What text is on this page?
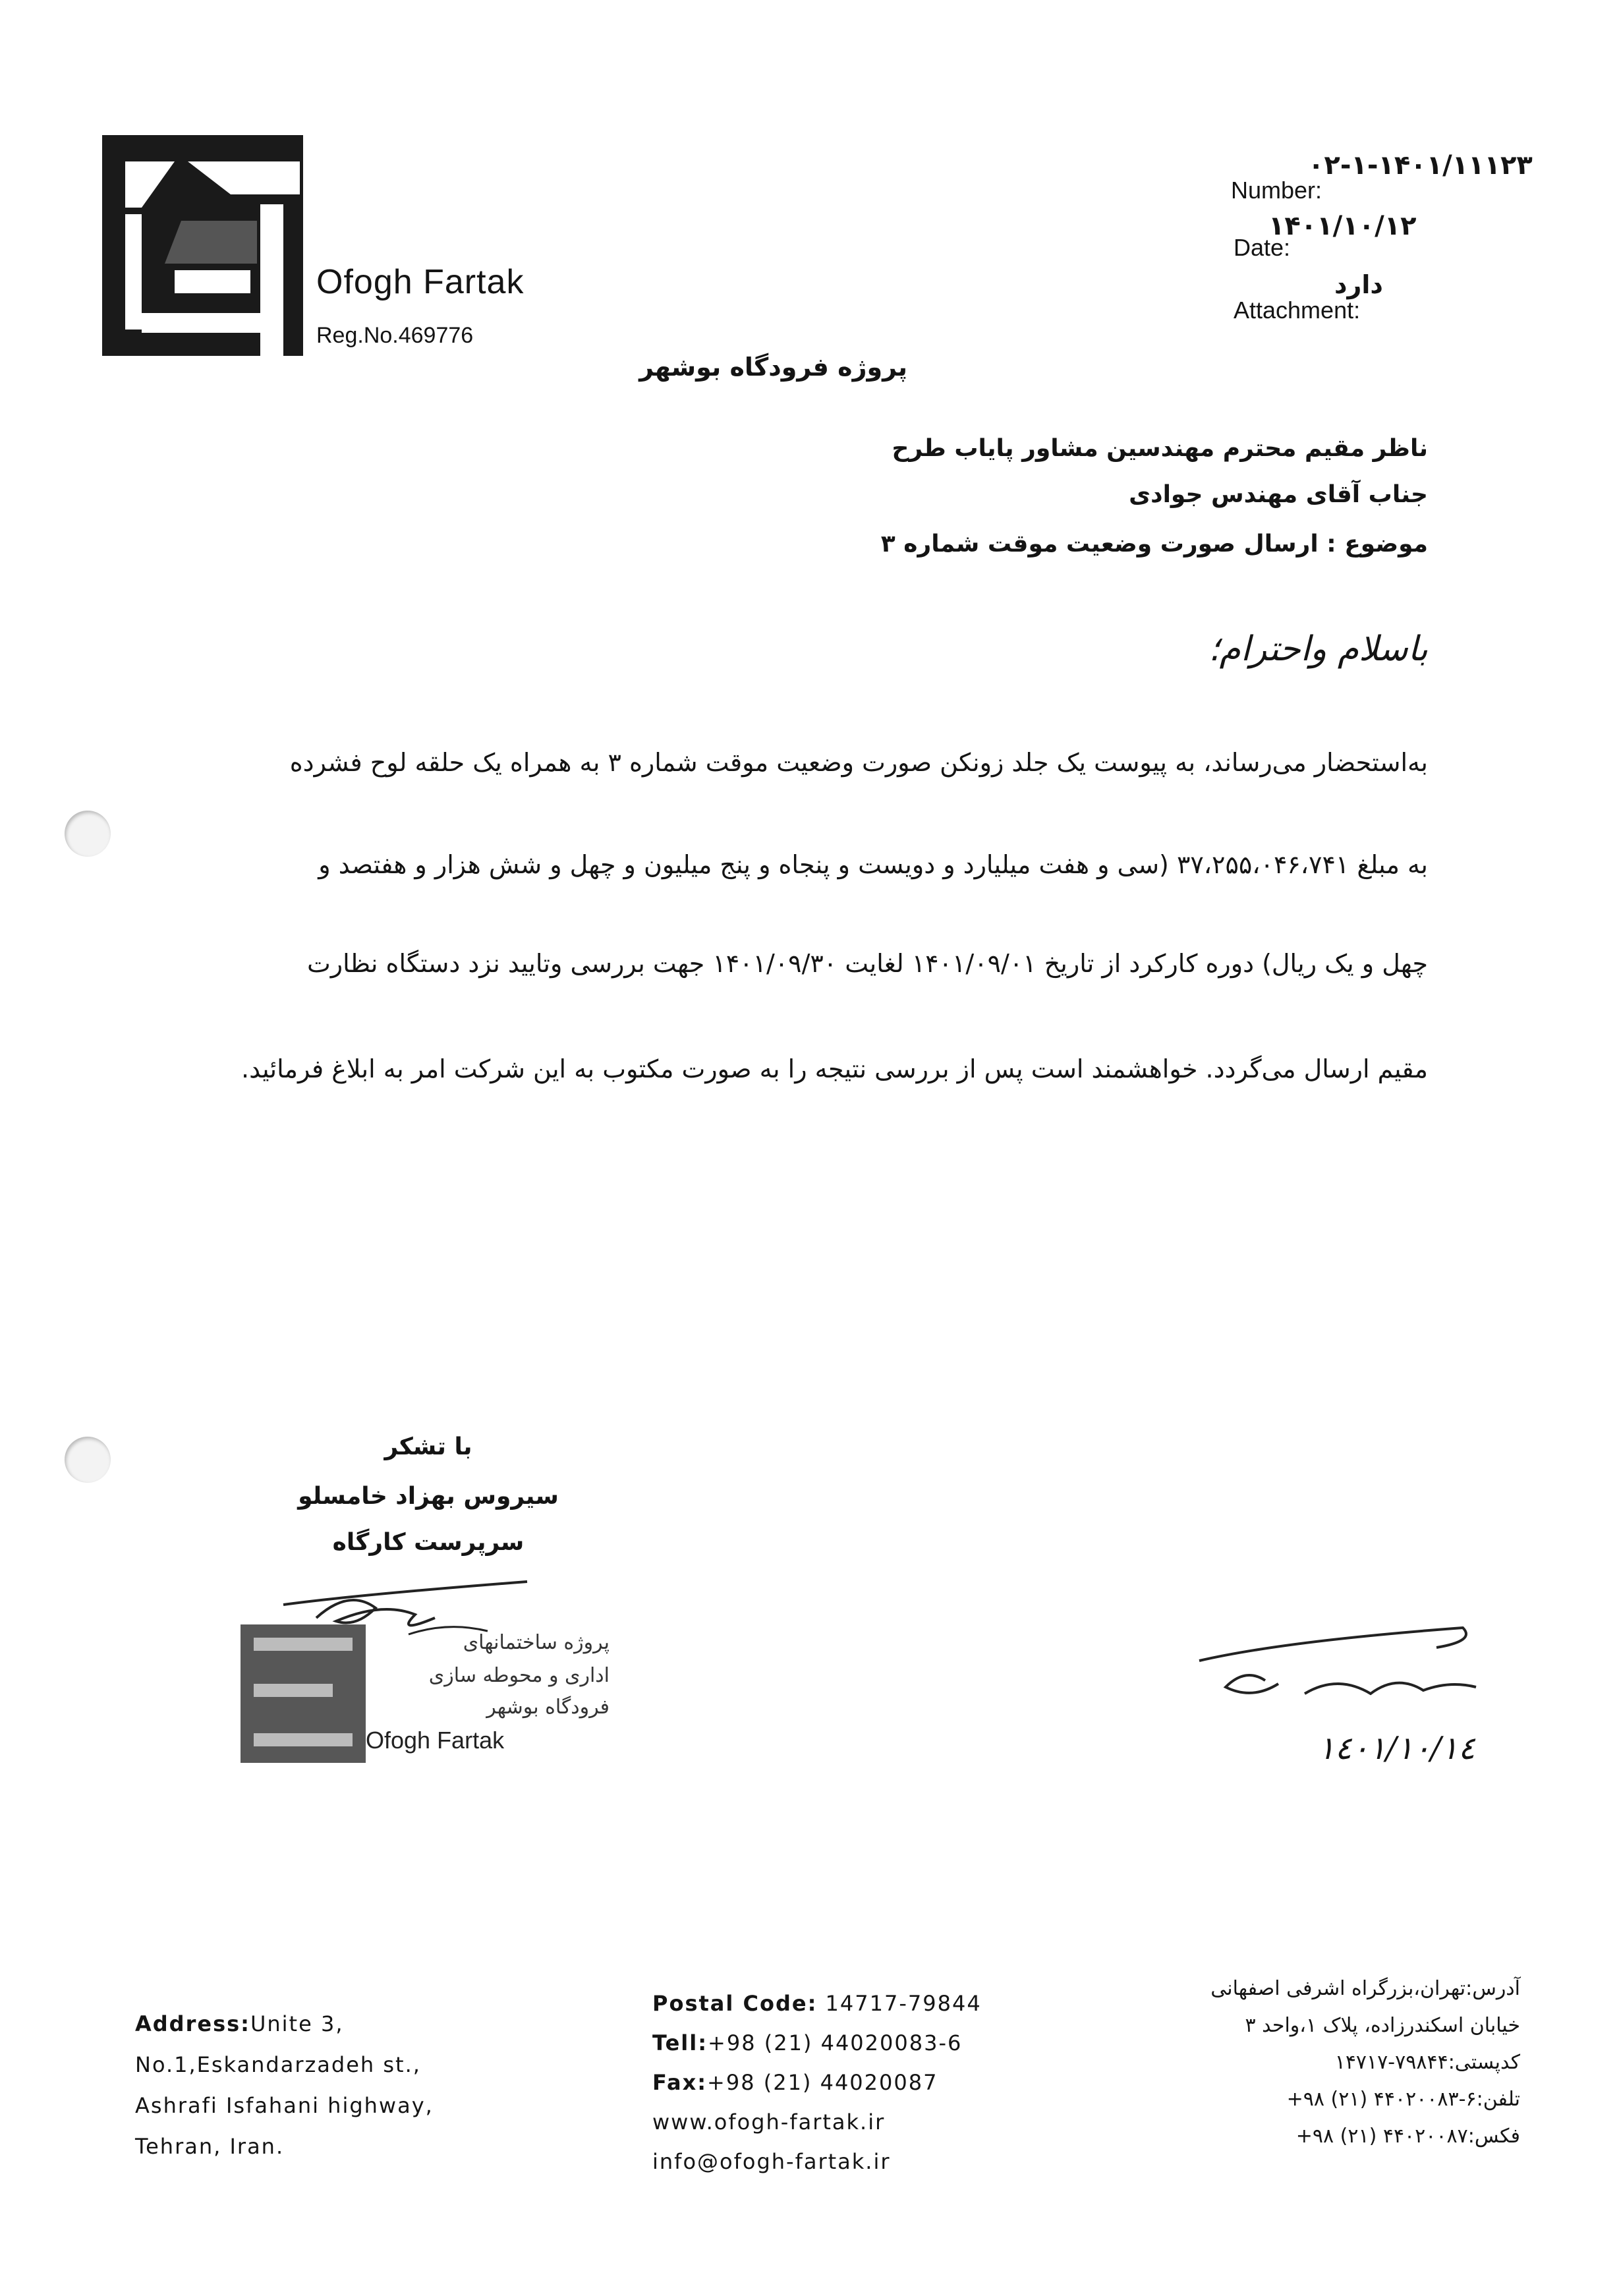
Ofogh Fartak
Reg.No.469776
Number:
۰۲-۱-۱۴۰۱/۱۱۱۲۳
Date:
۱۴۰۱/۱۰/۱۲
Attachment:
دارد
پروژه فرودگاه بوشهر
ناظر مقیم محترم مهندسین مشاور پایاب طرح
جناب آقای مهندس جوادی
موضوع : ارسال صورت وضعیت موقت شماره ۳
باسلام واحترام؛
به‌استحضار می‌رساند، به پیوست یک جلد زونکن صورت وضعیت موقت شماره ۳ به همراه یک حلقه لوح فشرده
به مبلغ ۳۷،۲۵۵،۰۴۶،۷۴۱ (سی و هفت میلیارد و دویست و پنجاه و پنج میلیون و چهل و شش هزار و هفتصد و
چهل و یک ریال) دوره کارکرد از تاریخ ۱۴۰۱/۰۹/۰۱ لغایت ۱۴۰۱/۰۹/۳۰ جهت بررسی وتایید نزد دستگاه نظارت
مقیم ارسال می‌گردد. خواهشمند است پس از بررسی نتیجه را به صورت مکتوب به این شرکت امر به ابلاغ فرمائید.
با تشکر
سیروس بهزاد خامسلو
سرپرست کارگاه
پروژه ساختمانهای
اداری و محوطه سازی
فرودگاه بوشهر
Ofogh Fartak	۱٤۰۱/۱۰/۱٤
Address:Unite 3,
No.1,Eskandarzadeh st.,
Ashrafi Isfahani highway,
Tehran, Iran.
Postal Code: 14717-79844
Tell:+98 (21) 44020083-6
Fax:+98 (21) 44020087
www.ofogh-fartak.ir
info@ofogh-fartak.ir
آدرس:تهران،بزرگراه اشرفی اصفهانی
خیابان اسکندرزاده، پلاک ۱،واحد ۳
کدپستی:۷۹۸۴۴-۱۴۷۱۷
تلفن:۶-۴۴۰۲۰۰۸۳ (۲۱) ۹۸+
فکس:۴۴۰۲۰۰۸۷ (۲۱) ۹۸+
